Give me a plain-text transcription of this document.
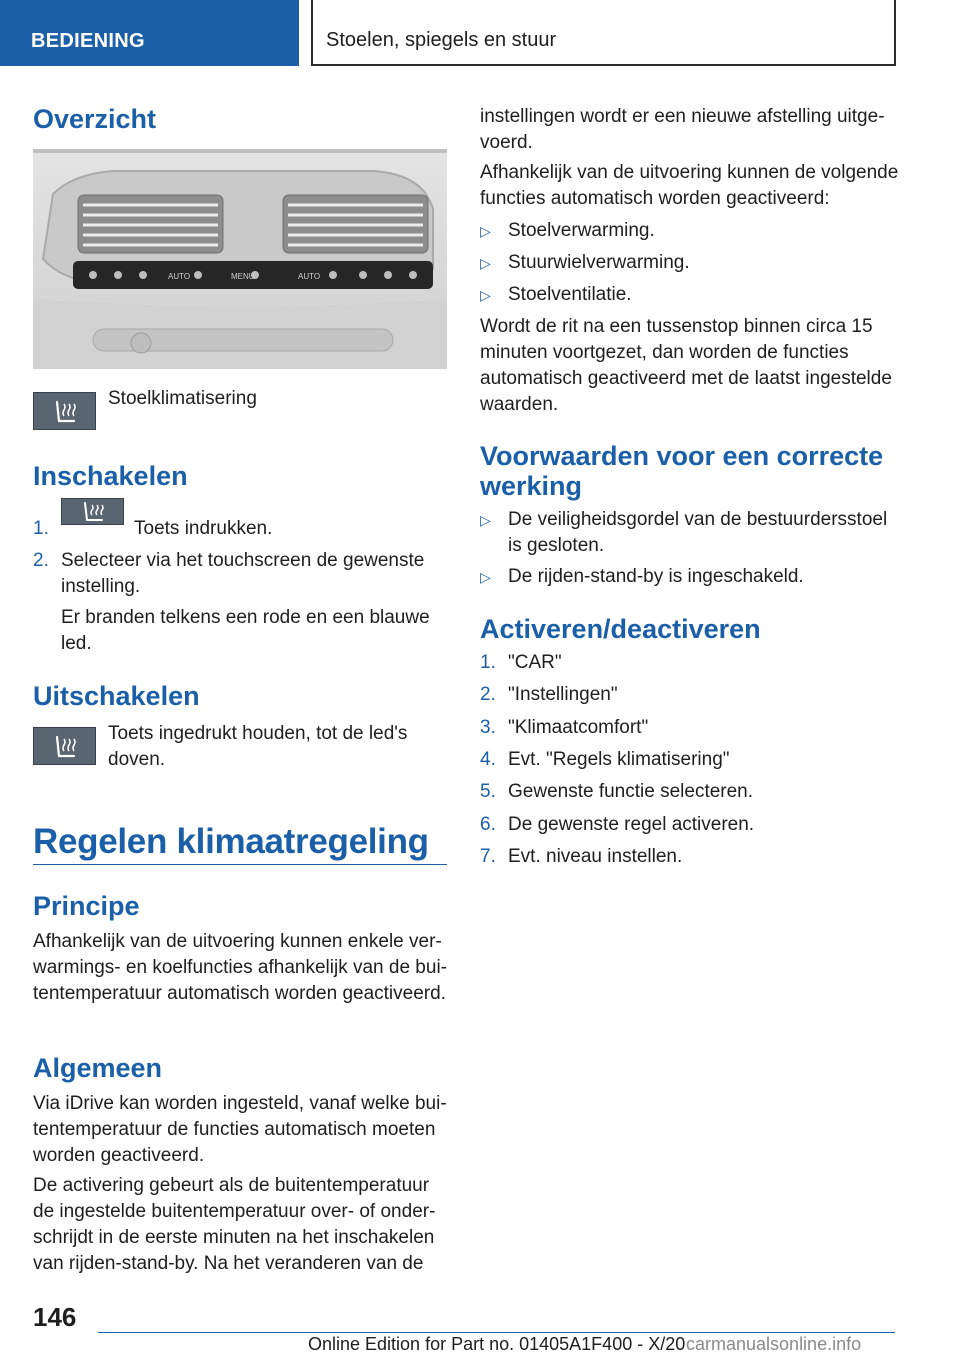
BEDIENING	Stoelen, spiegels en stuur
Overzicht
AUTO	MENU	AUTO
Stoelklimatisering
Inschakelen
1.	Toets indrukken.
2. Selecteer via het touchscreen de gewenste instelling.
Er branden telkens een rode en een blauwe led.
Uitschakelen
Toets ingedrukt houden, tot de led's doven.
Regelen klimaatregeling
Principe
Afhankelijk van de uitvoering kunnen enkele verwarmings- en koelfuncties afhankelijk van de buitentemperatuur automatisch worden geactiveerd.
Algemeen
Via iDrive kan worden ingesteld, vanaf welke buitentemperatuur de functies automatisch moeten worden geactiveerd.
De activering gebeurt als de buitentemperatuur de ingestelde buitentemperatuur over- of onderschrijdt in de eerste minuten na het inschakelen van rijden-stand-by. Na het veranderen van de
instellingen wordt er een nieuwe afstelling uitgevoerd.
Afhankelijk van de uitvoering kunnen de volgende functies automatisch worden geactiveerd:
▷ Stoelverwarming.
▷ Stuurwielverwarming.
▷ Stoelventilatie.
Wordt de rit na een tussenstop binnen circa 15 minuten voortgezet, dan worden de functies automatisch geactiveerd met de laatst ingestelde waarden.
Voorwaarden voor een correcte werking
▷ De veiligheidsgordel van de bestuurdersstoel is gesloten.
▷ De rijden-stand-by is ingeschakeld.
Activeren/deactiveren
1. "CAR"
2. "Instellingen"
3. "Klimaatcomfort"
4. Evt. "Regels klimatisering"
5. Gewenste functie selecteren.
6. De gewenste regel activeren.
7. Evt. niveau instellen.
146
Online Edition for Part no. 01405A1F400 - X/20 carmanualsonline.info
